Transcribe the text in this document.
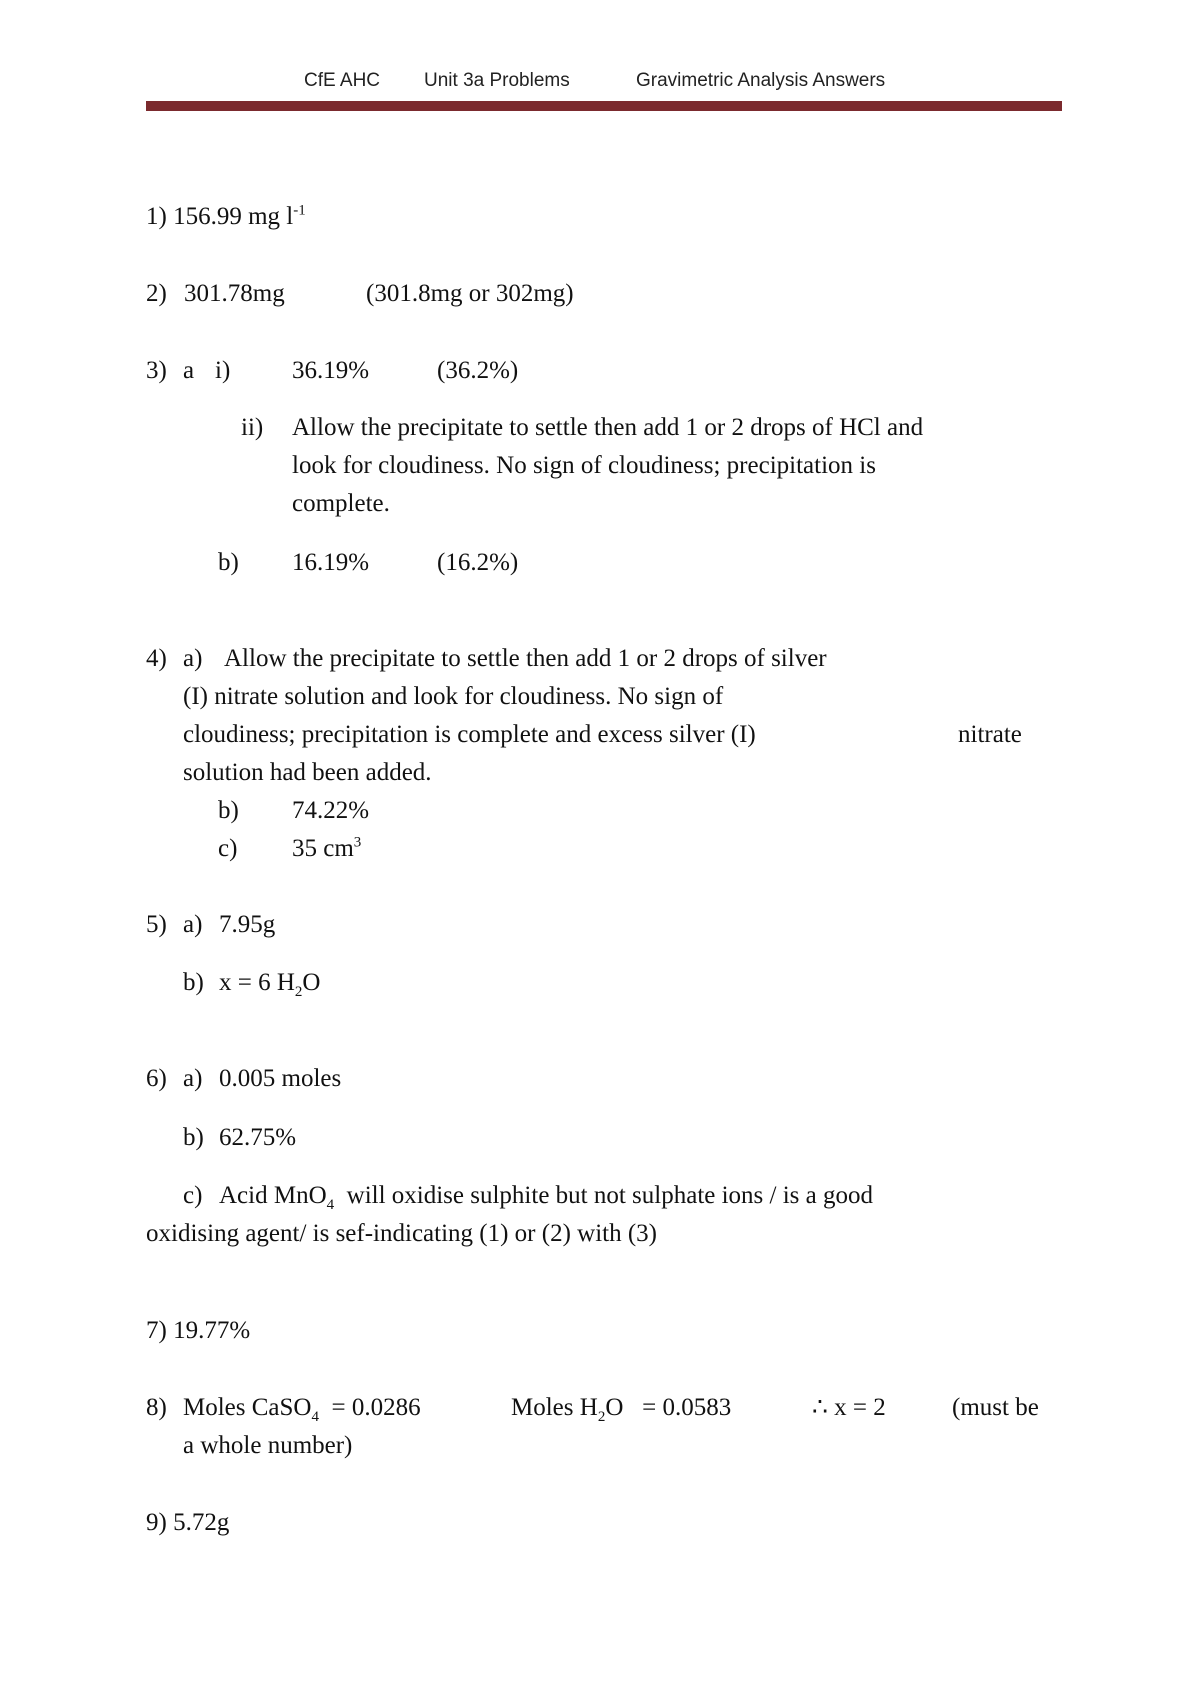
CfE AHC Unit 3a Problems	Gravimetric Analysis Answers
1) 156.99 mg $l^{-1}$
2) 301.78mg	(301.8mg or 302mg)
3) a i) 36.19%	(36.2%)
ii) Allow the precipitate to settle then add 1 or 2 drops of HCl and
look for cloudiness. No sign of cloudiness; precipitation is
complete.
b) 16.19%	(16.2%)
4) a) Allow the precipitate to settle then add 1 or 2 drops of silver
(I) nitrate solution and look for cloudiness. No sign of
cloudiness; precipitation is complete and excess silver (I)	nitrate
solution had been added.
b) 74.22%
c) 35 $cm^3$
5) a) 7.95g
b) x = 6 $H_2O$
6) a) 0.005 moles
b) 62.75%
c) Acid MnO$_4$ will oxidise sulphite but not sulphate ions / is a good
oxidising agent/ is sef-indicating (1) or (2) with (3)
7) 19.77%
8) Moles CaSO$_4$ = 0.0286	Moles $H_2O = 0.0583$	∴ x = 2	(must be
a whole number)
9) 5.72g
